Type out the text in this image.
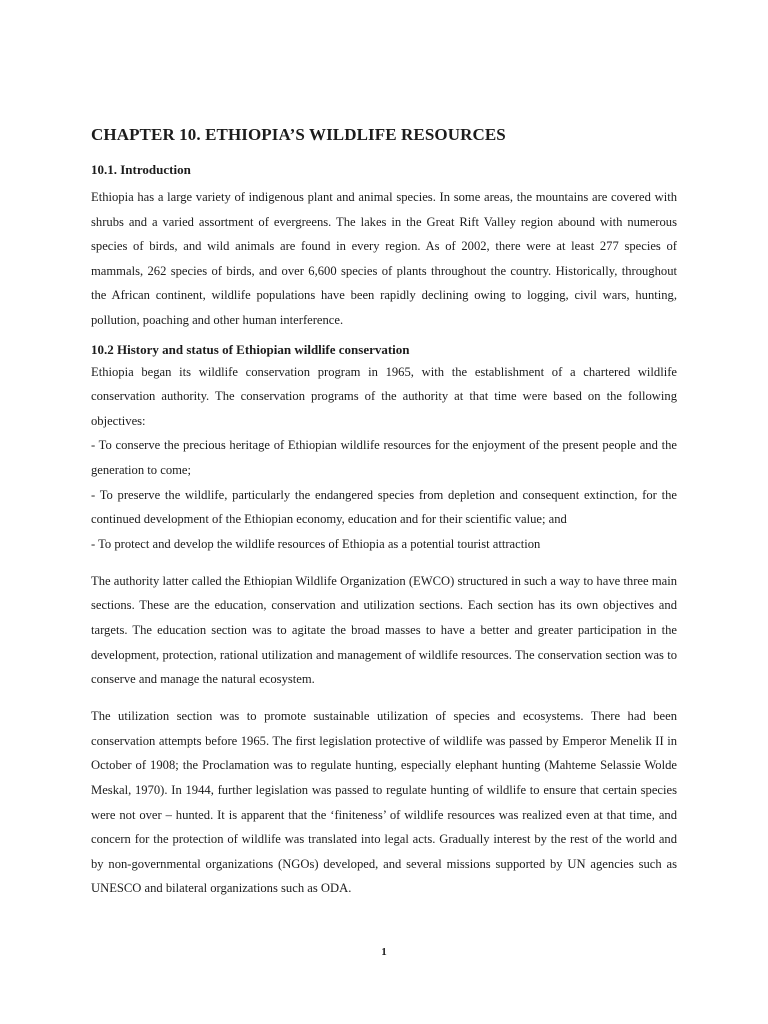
CHAPTER 10. ETHIOPIA’S WILDLIFE RESOURCES
10.1. Introduction

Ethiopia has a large variety of indigenous plant and animal species. In some areas, the mountains are covered with shrubs and a varied assortment of evergreens. The lakes in the Great Rift Valley region abound with numerous species of birds, and wild animals are found in every region. As of 2002, there were at least 277 species of mammals, 262 species of birds, and over 6,600 species of plants throughout the country. Historically, throughout the African continent, wildlife populations have been rapidly declining owing to logging, civil wars, hunting, pollution, poaching and other human interference.

10.2 History and status of Ethiopian wildlife conservation

Ethiopia began its wildlife conservation program in 1965, with the establishment of a chartered wildlife conservation authority. The conservation programs of the authority at that time were based on the following objectives:

- To conserve the precious heritage of Ethiopian wildlife resources for the enjoyment of the present people and the generation to come;

- To preserve the wildlife, particularly the endangered species from depletion and consequent extinction, for the continued development of the Ethiopian economy, education and for their scientific value; and

- To protect and develop the wildlife resources of Ethiopia as a potential tourist attraction

The authority latter called the Ethiopian Wildlife Organization (EWCO) structured in such a way to have three main sections. These are the education, conservation and utilization sections. Each section has its own objectives and targets. The education section was to agitate the broad masses to have a better and greater participation in the development, protection, rational utilization and management of wildlife resources. The conservation section was to conserve and manage the natural ecosystem.

The utilization section was to promote sustainable utilization of species and ecosystems. There had been conservation attempts before 1965. The first legislation protective of wildlife was passed by Emperor Menelik II in October of 1908; the Proclamation was to regulate hunting, especially elephant hunting (Mahteme Selassie Wolde Meskal, 1970). In 1944, further legislation was passed to regulate hunting of wildlife to ensure that certain species were not over – hunted. It is apparent that the ‘finiteness’ of wildlife resources was realized even at that time, and concern for the protection of wildlife was translated into legal acts. Gradually interest by the rest of the world and by non-governmental organizations (NGOs) developed, and several missions supported by UN agencies such as UNESCO and bilateral organizations such as ODA.

1
